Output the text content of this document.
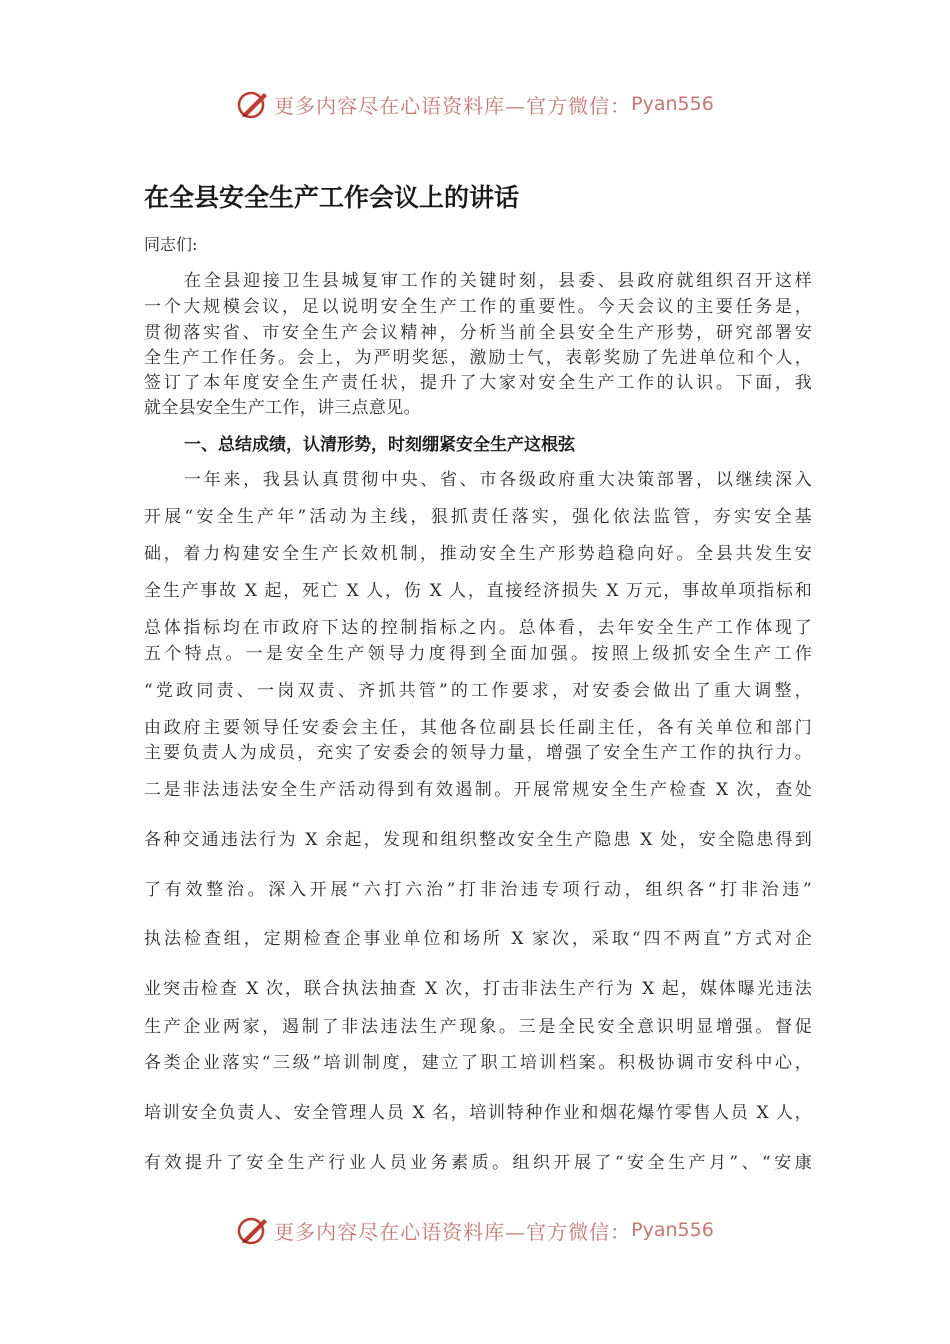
更多内容尽在心语资料库—官方微信： Pyan556
在全县安全生产工作会议上的讲话
同志们:
在全县迎接卫生县城复审工作的关键时刻，县委、县政府就组织召开这样
一个大规模会议，足以说明安全生产工作的重要性。今天会议的主要任务是，
贯彻落实省、市安全生产会议精神，分析当前全县安全生产形势，研究部署安
全生产工作任务。会上，为严明奖惩，激励士气，表彰奖励了先进单位和个人，
签订了本年度安全生产责任状，提升了大家对安全生产工作的认识。下面，我
就全县安全生产工作，讲三点意见。
一、总结成绩，认清形势，时刻绷紧安全生产这根弦
一年来，我县认真贯彻中央、省、市各级政府重大决策部署，以继续深入
开展“安全生产年”活动为主线，狠抓责任落实，强化依法监管，夯实安全基
础，着力构建安全生产长效机制，推动安全生产形势趋稳向好。全县共发生安
全生产事故 X 起，死亡 X 人，伤 X 人，直接经济损失 X 万元，事故单项指标和
总体指标均在市政府下达的控制指标之内。总体看，去年安全生产工作体现了
五个特点。一是安全生产领导力度得到全面加强。按照上级抓安全生产工作
“党政同责、一岗双责、齐抓共管”的工作要求，对安委会做出了重大调整，
由政府主要领导任安委会主任，其他各位副县长任副主任，各有关单位和部门
主要负责人为成员，充实了安委会的领导力量，增强了安全生产工作的执行力。
二是非法违法安全生产活动得到有效遏制。开展常规安全生产检查 X 次，查处
各种交通违法行为 X 余起，发现和组织整改安全生产隐患 X 处，安全隐患得到
了有效整治。深入开展“六打六治”打非治违专项行动，组织各“打非治违”
执法检查组，定期检查企事业单位和场所 X 家次，采取“四不两直”方式对企
业突击检查 X 次，联合执法抽查 X 次，打击非法生产行为 X 起，媒体曝光违法
生产企业两家，遏制了非法违法生产现象。三是全民安全意识明显增强。督促
各类企业落实“三级”培训制度，建立了职工培训档案。积极协调市安科中心，
培训安全负责人、安全管理人员 X 名，培训特种作业和烟花爆竹零售人员 X 人，
有效提升了安全生产行业人员业务素质。组织开展了“安全生产月”、“安康
更多内容尽在心语资料库—官方微信： Pyan556
